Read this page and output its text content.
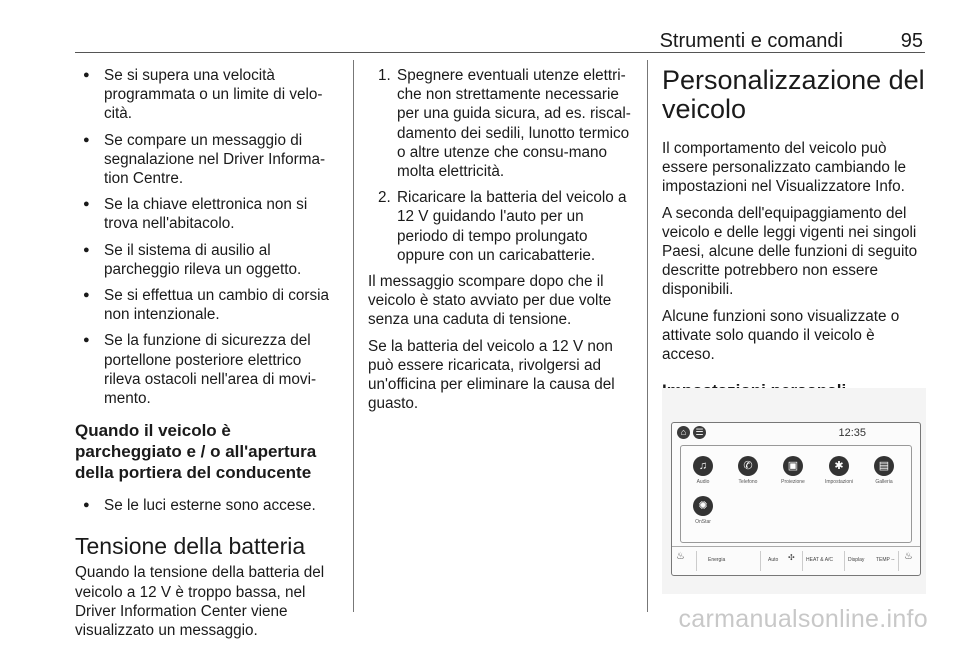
Strumenti e comandi	95
● Se si supera una velocità programmata o un limite di velo-cità.
● Se compare un messaggio di segnalazione nel Driver Informa-tion Centre.
● Se la chiave elettronica non si trova nell'abitacolo.
● Se il sistema di ausilio al parcheggio rileva un oggetto.
● Se si effettua un cambio di corsia non intenzionale.
● Se la funzione di sicurezza del portellone posteriore elettrico rileva ostacoli nell'area di movi-mento.
Quando il veicolo è parcheggiato e / o all'apertura della portiera del conducente
● Se le luci esterne sono accese.
Tensione della batteria

Quando la tensione della batteria del veicolo a 12 V è troppo bassa, nel Driver Information Center viene visualizzato un messaggio.

1. Spegnere eventuali utenze elettri-che non strettamente necessarie per una guida sicura, ad es. riscal-damento dei sedili, lunotto termico o altre utenze che consu-mano molta elettricità.
2. Ricaricare la batteria del veicolo a 12 V guidando l'auto per un periodo di tempo prolungato oppure con un caricabatterie.

Il messaggio scompare dopo che il veicolo è stato avviato per due volte senza una caduta di tensione.

Se la batteria del veicolo a 12 V non può essere ricaricata, rivolgersi ad un'officina per eliminare la causa del guasto.

Personalizzazione del veicolo

Il comportamento del veicolo può essere personalizzato cambiando le impostazioni nel Visualizzatore Info.

A seconda dell'equipaggiamento del veicolo e delle leggi vigenti nei singoli Paesi, alcune delle funzioni di seguito descritte potrebbero non essere disponibili.

Alcune funzioni sono visualizzate o attivate solo quando il veicolo è acceso.

⌂	☰	12:35
♫
Audio
✆
Telefono
▣
Proiezione
✱
Impostazioni
▤
Galleria
✺
OnStar
♨	Energia	Auto ✣ HEAT & A/C	Display TEMP -- ♨
carmanualsonline.info
